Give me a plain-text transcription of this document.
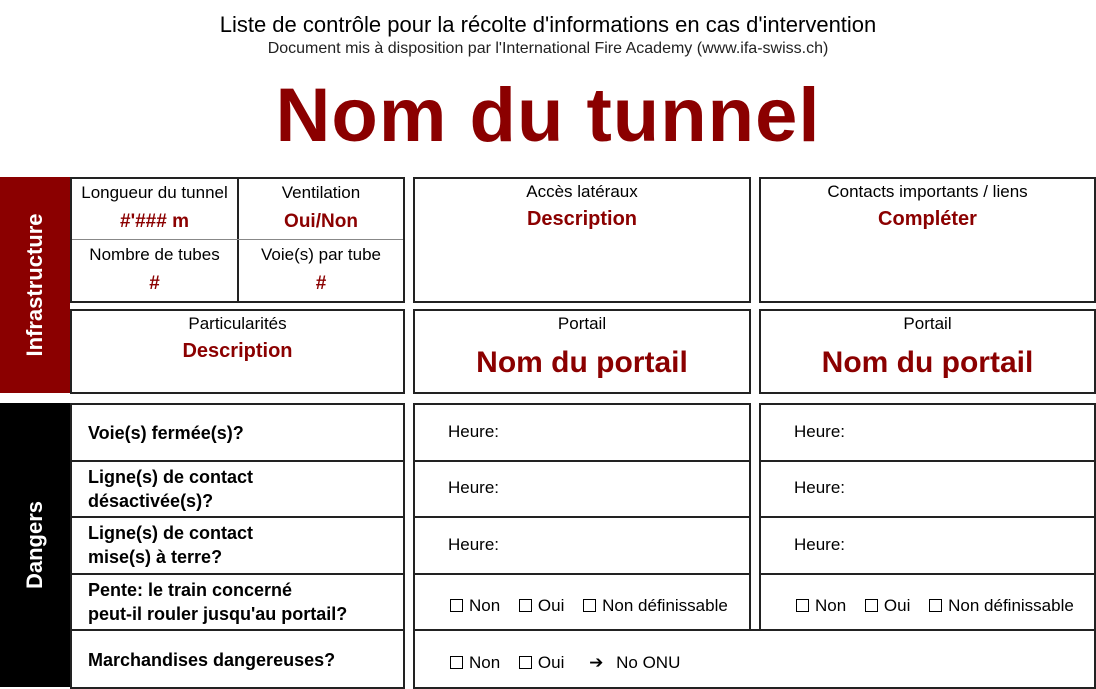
Liste de contrôle pour la récolte d'informations en cas d'intervention
Document mis à disposition par l'International Fire Academy (www.ifa-swiss.ch)
Nom du tunnel
Infrastructure
Longueur du tunnel
#'### m
Ventilation
Oui/Non
Nombre de tubes
#
Voie(s) par tube
#
Accès latéraux
Description
Contacts importants / liens
Compléter
Particularités
Description
Portail
Nom du portail
Portail
Nom du portail
Dangers
Voie(s) fermée(s)?
Ligne(s) de contact
désactivée(s)?
Ligne(s) de contact
mise(s) à terre?
Pente: le train concerné
peut-il rouler jusqu'au portail?
Marchandises dangereuses?
Heure:
Heure:
Heure:
Heure:
Heure:
Heure:
Non Oui Non définissable	Non Oui Non définissable
Non Oui ➔ No ONU
